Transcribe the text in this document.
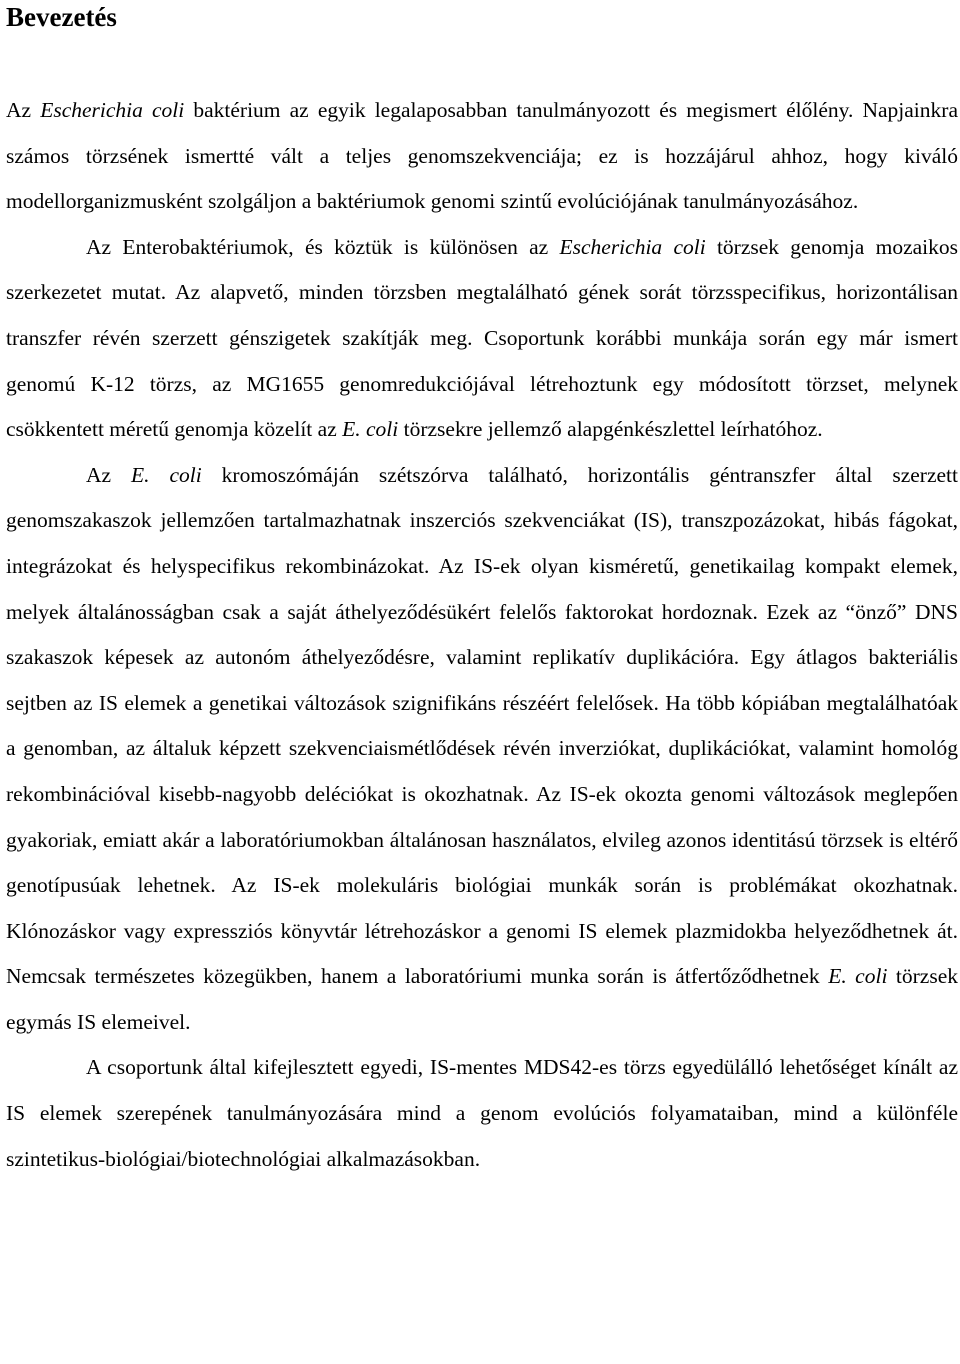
Bevezetés

Az Escherichia coli baktérium az egyik legalaposabban tanulmányozott és megismert élőlény. Napjainkra számos törzsének ismertté vált a teljes genomszekvenciája; ez is hozzájárul ahhoz, hogy kiváló modellorganizmusként szolgáljon a baktériumok genomi szintű evolúciójának tanulmányozásához.

Az Enterobaktériumok, és köztük is különösen az Escherichia coli törzsek genomja mozaikos szerkezetet mutat. Az alapvető, minden törzsben megtalálható gének sorát törzsspecifikus, horizontálisan transzfer révén szerzett génszigetek szakítják meg. Csoportunk korábbi munkája során egy már ismert genomú K-12 törzs, az MG1655 genomredukciójával létrehoztunk egy módosított törzset, melynek csökkentett méretű genomja közelít az E. coli törzsekre jellemző alapgénkészlettel leírhatóhoz.

Az E. coli kromoszómáján szétszórva található, horizontális géntranszfer által szerzett genomszakaszok jellemzően tartalmazhatnak inszerciós szekvenciákat (IS), transzpozázokat, hibás fágokat, integrázokat és helyspecifikus rekombinázokat. Az IS-ek olyan kisméretű, genetikailag kompakt elemek, melyek általánosságban csak a saját áthelyeződésükért felelős faktorokat hordoznak. Ezek az “önző” DNS szakaszok képesek az autonóm áthelyeződésre, valamint replikatív duplikációra. Egy átlagos bakteriális sejtben az IS elemek a genetikai változások szignifikáns részéért felelősek. Ha több kópiában megtalálhatóak a genomban, az általuk képzett szekvenciaismétlődések révén inverziókat, duplikációkat, valamint homológ rekombinációval kisebb-nagyobb deléciókat is okozhatnak. Az IS-ek okozta genomi változások meglepően gyakoriak, emiatt akár a laboratóriumokban általánosan használatos, elvileg azonos identitású törzsek is eltérő genotípusúak lehetnek. Az IS-ek molekuláris biológiai munkák során is problémákat okozhatnak. Klónozáskor vagy expressziós könyvtár létrehozáskor a genomi IS elemek plazmidokba helyeződhetnek át. Nemcsak természetes közegükben, hanem a laboratóriumi munka során is átfertőződhetnek E. coli törzsek egymás IS elemeivel.

A csoportunk által kifejlesztett egyedi, IS-mentes MDS42-es törzs egyedülálló lehetőséget kínált az IS elemek szerepének tanulmányozására mind a genom evolúciós folyamataiban, mind a különféle szintetikus-biológiai/biotechnológiai alkalmazásokban.
